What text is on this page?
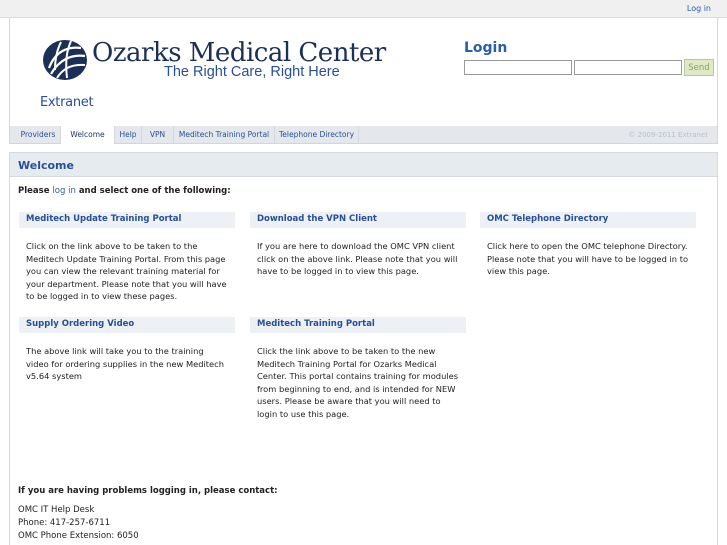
Log in
Ozarks Medical Center
The Right Care, Right Here
Extranet
Login
Send
Providers	Welcome	Help	VPN	Meditech Training Portal	Telephone Directory	© 2009-2011 Extranet
Welcome
Please log in and select one of the following:
Meditech Update Training Portal
Click on the link above to be taken to the Meditech Update Training Portal. From this page you can view the relevant training material for your department. Please note that you will have to be logged in to view these pages.
Download the VPN Client
If you are here to download the OMC VPN client click on the above link. Please note that you will have to be logged in to view this page.
OMC Telephone Directory
Click here to open the OMC telephone Directory. Please note that you will have to be logged in to view this page.
Supply Ordering Video
The above link will take you to the training video for ordering supplies in the new Meditech v5.64 system
Meditech Training Portal
Click the link above to be taken to the new Meditech Training Portal for Ozarks Medical Center. This portal contains training for modules from beginning to end, and is intended for NEW users. Please be aware that you will need to login to use this page.
If you are having problems logging in, please contact:
OMC IT Help Desk
Phone: 417-257-6711
OMC Phone Extension: 6050
